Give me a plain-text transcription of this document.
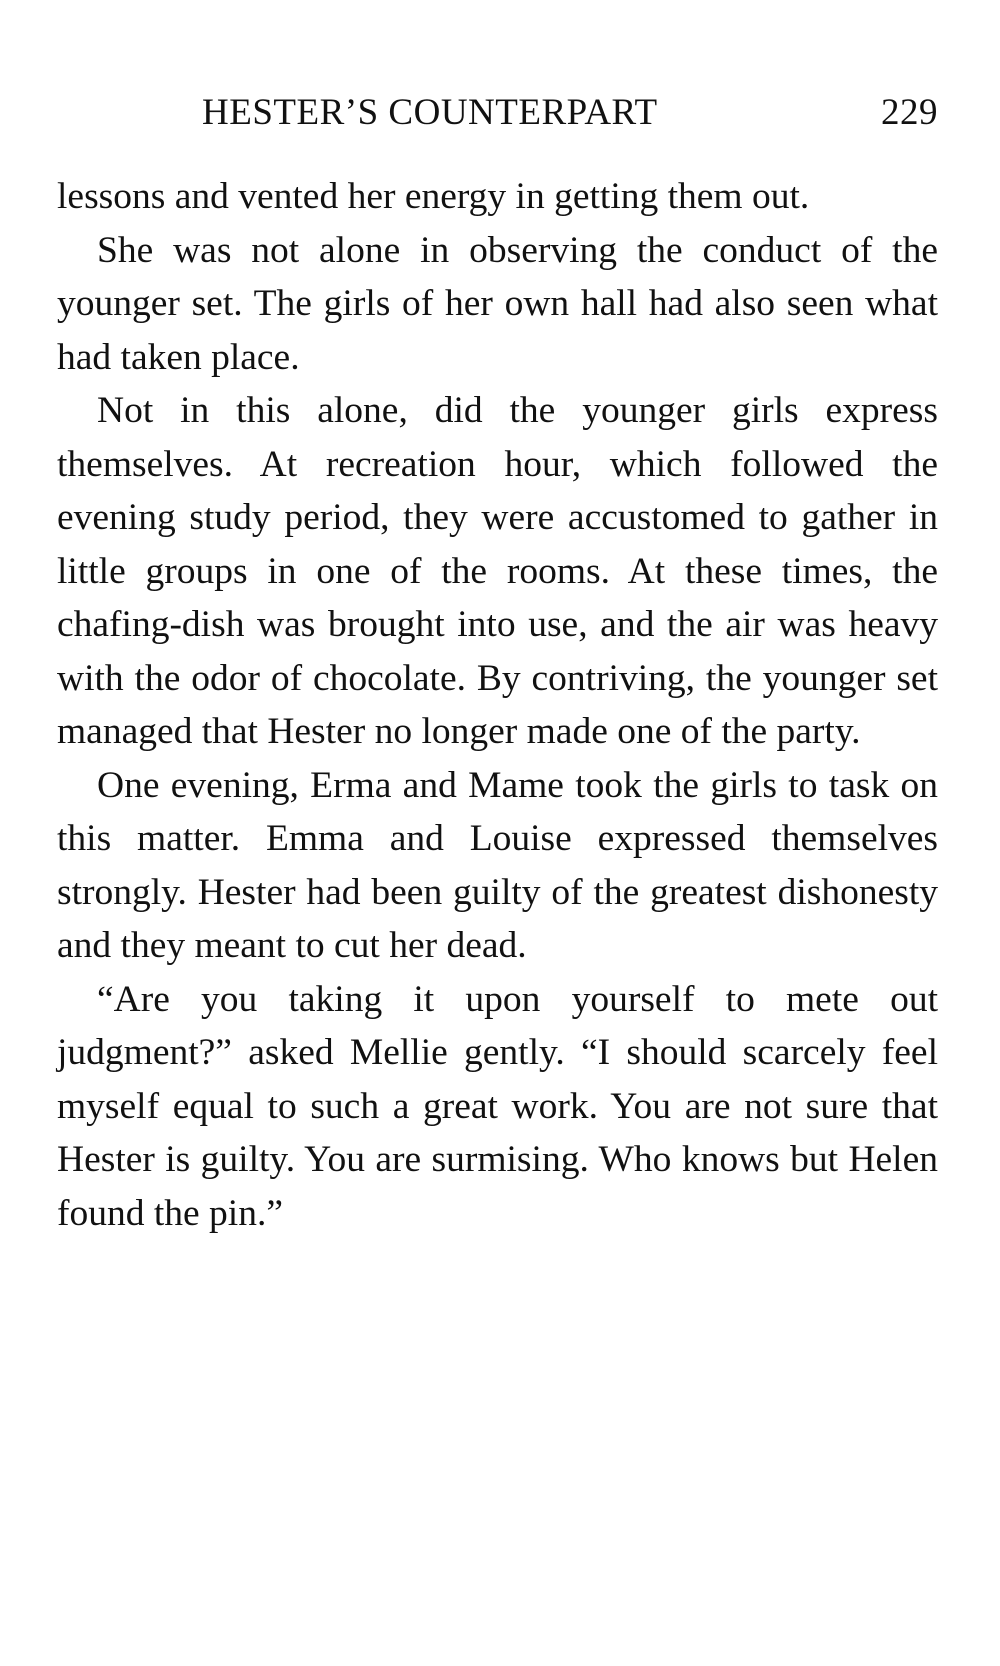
HESTER’S COUNTERPART	229

lessons and vented her energy in getting them out.

She was not alone in observing the conduct of the younger set. The girls of her own hall had also seen what had taken place.

Not in this alone, did the younger girls express themselves. At recreation hour, which followed the evening study period, they were accustomed to gather in little groups in one of the rooms. At these times, the chafing-dish was brought into use, and the air was heavy with the odor of chocolate. By contriving, the younger set managed that Hester no longer made one of the party.

One evening, Erma and Mame took the girls to task on this matter. Emma and Louise expressed themselves strongly. Hester had been guilty of the greatest dishonesty and they meant to cut her dead.

“Are you taking it upon yourself to mete out judgment?” asked Mellie gently. “I should scarcely feel myself equal to such a great work. You are not sure that Hester is guilty. You are surmising. Who knows but Helen found the pin.”
